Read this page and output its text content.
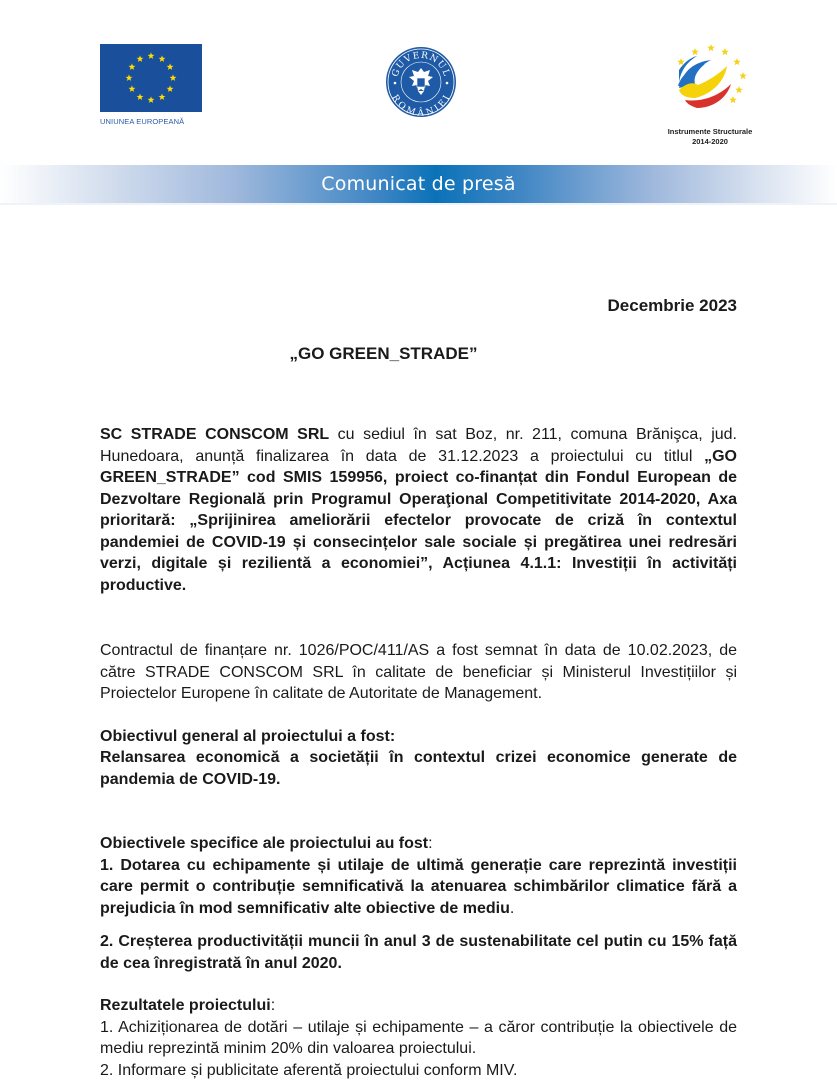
UNIUNEA EUROPEANĂ
GUVERNUL
ROMÂNIEI
Instrumente Structurale
2014-2020
Comunicat de presă
Decembrie 2023
„GO GREEN_STRADE”

SC STRADE CONSCOM SRL cu sediul în sat Boz, nr. 211, comuna Brănişca, jud. Hunedoara, anunță finalizarea în data de 31.12.2023 a proiectului cu titlul „GO GREEN_STRADE” cod SMIS 159956, proiect co-finanțat din Fondul European de Dezvoltare Regională prin Programul Operaţional Competitivitate 2014-2020, Axa prioritară: „Sprijinirea ameliorării efectelor provocate de criză în contextul pandemiei de COVID-19 și consecințelor sale sociale și pregătirea unei redresări verzi, digitale și rezilientă a economiei”, Acțiunea 4.1.1: Investiții în activități productive.

Contractul de finanțare nr. 1026/POC/411/AS a fost semnat în data de 10.02.2023, de către STRADE CONSCOM SRL în calitate de beneficiar și Ministerul Investițiilor și Proiectelor Europene în calitate de Autoritate de Management.

Obiectivul general al proiectului a fost:
Relansarea economică a societății în contextul crizei economice generate de pandemia de COVID-19.

Obiectivele specifice ale proiectului au fost:
1. Dotarea cu echipamente și utilaje de ultimă generație care reprezintă investiții care permit o contribuție semnificativă la atenuarea schimbărilor climatice fără a prejudicia în mod semnificativ alte obiective de mediu.

2. Creșterea productivității muncii în anul 3 de sustenabilitate cel putin cu 15% față de cea înregistrată în anul 2020.

Rezultatele proiectului:
1. Achiziționarea de dotări – utilaje și echipamente – a căror contribuție la obiectivele de mediu reprezintă minim 20% din valoarea proiectului.
2. Informare și publicitate aferentă proiectului conform MIV.
